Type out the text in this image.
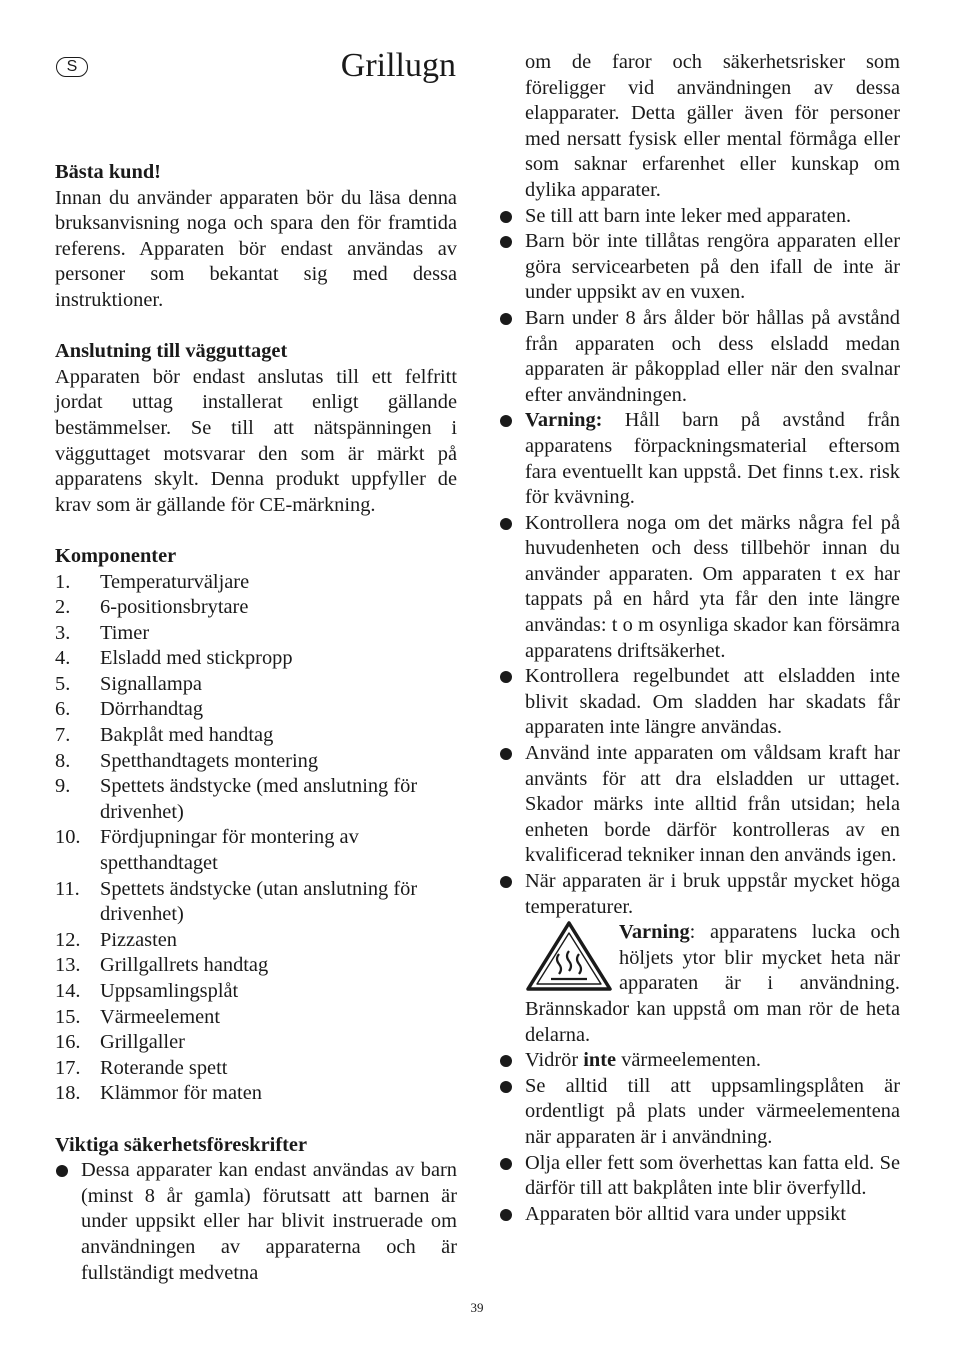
S	Grillugn
Bästa kund!

Innan du använder apparaten bör du läsa denna bruksanvisning noga och spara den för framtida referens. Apparaten bör endast användas av personer som bekantat sig med dessa instruktioner.

Anslutning till vägguttaget

Apparaten bör endast anslutas till ett felfritt jordat uttag installerat enligt gällande bestämmelser. Se till att nätspänningen i vägguttaget motsvarar den som är märkt på apparatens skylt. Denna produkt uppfyller de krav som är gällande för CE-märkning.

Komponenter
1.	Temperaturväljare
2.	6-positionsbrytare
3.	Timer
4.	Elsladd med stickpropp
5.	Signallampa
6.	Dörrhandtag
7.	Bakplåt med handtag
8.	Spetthandtagets montering
9.	Spettets ändstycke (med anslutning för drivenhet)
10. Fördjupningar för montering av spetthandtaget
11. Spettets ändstycke (utan anslutning för drivenhet)
12. Pizzasten
13. Grillgallrets handtag
14. Uppsamlingsplåt
15. Värmeelement
16. Grillgaller
17. Roterande spett
18. Klämmor för maten
Viktiga säkerhetsföreskrifter
Dessa apparater kan endast användas av barn (minst 8 år gamla) förutsatt att barnen är under uppsikt eller har blivit instruerade om användningen av apparaterna och är fullständigt medvetna
om de faror och säkerhetsrisker som föreligger vid användningen av dessa elapparater. Detta gäller även för personer med nersatt fysisk eller mental förmåga eller som saknar erfarenhet eller kunskap om dylika apparater.
Se till att barn inte leker med apparaten.
Barn bör inte tillåtas rengöra apparaten eller göra servicearbeten på den ifall de inte är under uppsikt av en vuxen.
Barn under 8 års ålder bör hållas på avstånd från apparaten och dess elsladd medan apparaten är påkopplad eller när den svalnar efter användningen.
Varning: Håll barn på avstånd från apparatens förpackningsmaterial eftersom fara eventuellt kan uppstå. Det finns t.ex. risk för kvävning.
Kontrollera noga om det märks några fel på huvudenheten och dess tillbehör innan du använder apparaten. Om apparaten t ex har tappats på en hård yta får den inte längre användas: t o m osynliga skador kan försämra apparatens driftsäkerhet.
Kontrollera regelbundet att elsladden inte blivit skadad. Om sladden har skadats får apparaten inte längre användas.
Använd inte apparaten om våldsam kraft har använts för att dra elsladden ur uttaget. Skador märks inte alltid från utsidan; hela enheten borde därför kontrolleras av en kvalificerad tekniker innan den används igen.
När apparaten är i bruk uppstår mycket höga temperaturer.
Varning: apparatens lucka och höljets ytor blir mycket heta när apparaten är i användning. Brännskador kan uppstå om man rör de heta delarna.
Vidrör inte värmeelementen.
Se alltid till att uppsamlingsplåten är ordentligt på plats under värmeelementena när apparaten är i användning.
Olja eller fett som överhettas kan fatta eld. Se därför till att bakplåten inte blir överfylld.
Apparaten bör alltid vara under uppsikt
39
